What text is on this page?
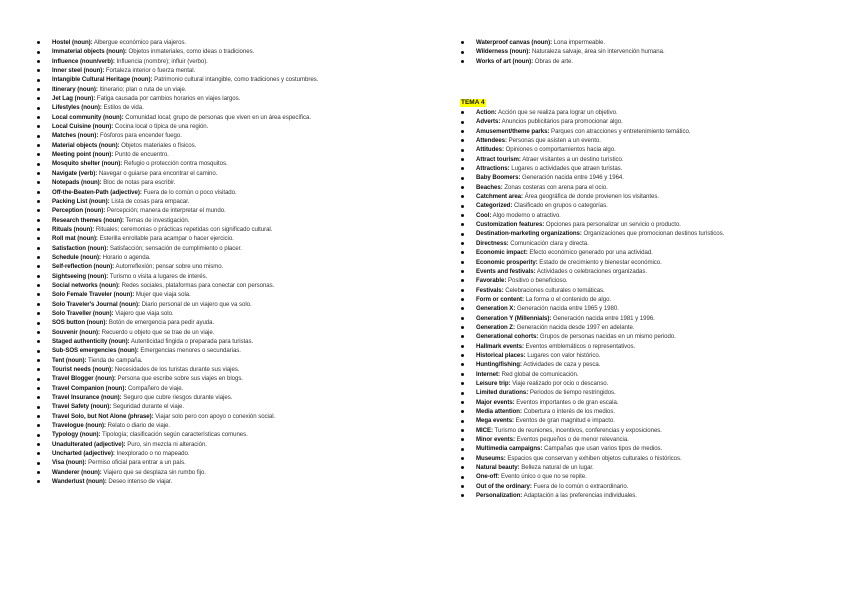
Hostel (noun): Albergue económico para viajeros.
Immaterial objects (noun): Objetos inmateriales, como ideas o tradiciones.
Influence (noun/verb): Influencia (nombre); influir (verbo).
Inner steel (noun): Fortaleza interior o fuerza mental.
Intangible Cultural Heritage (noun): Patrimonio cultural intangible, como tradiciones y costumbres.
Itinerary (noun): Itinerario; plan o ruta de un viaje.
Jet Lag (noun): Fatiga causada por cambios horarios en viajes largos.
Lifestyles (noun): Estilos de vida.
Local community (noun): Comunidad local; grupo de personas que viven en un área específica.
Local Cuisine (noun): Cocina local o típica de una región.
Matches (noun): Fósforos para encender fuego.
Material objects (noun): Objetos materiales o físicos.
Meeting point (noun): Punto de encuentro.
Mosquito shelter (noun): Refugio o protección contra mosquitos.
Navigate (verb): Navegar o guiarse para encontrar el camino.
Notepads (noun): Bloc de notas para escribir.
Off-the-Beaten-Path (adjective): Fuera de lo común o poco visitado.
Packing List (noun): Lista de cosas para empacar.
Perception (noun): Percepción; manera de interpretar el mundo.
Research themes (noun): Temas de investigación.
Rituals (noun): Rituales; ceremonias o prácticas repetidas con significado cultural.
Roll mat (noun): Esterilla enrollable para acampar o hacer ejercicio.
Satisfaction (noun): Satisfacción; sensación de cumplimiento o placer.
Schedule (noun): Horario o agenda.
Self-reflection (noun): Autorreflexión; pensar sobre uno mismo.
Sightseeing (noun): Turismo o visita a lugares de interés.
Social networks (noun): Redes sociales, plataformas para conectar con personas.
Solo Female Traveler (noun): Mujer que viaja sola.
Solo Traveler's Journal (noun): Diario personal de un viajero que va solo.
Solo Traveller (noun): Viajero que viaja solo.
SOS button (noun): Botón de emergencia para pedir ayuda.
Souvenir (noun): Recuerdo u objeto que se trae de un viaje.
Staged authenticity (noun): Autenticidad fingida o preparada para turistas.
Sub-SOS emergencies (noun): Emergencias menores o secundarias.
Tent (noun): Tienda de campaña.
Tourist needs (noun): Necesidades de los turistas durante sus viajes.
Travel Blogger (noun): Persona que escribe sobre sus viajes en blogs.
Travel Companion (noun): Compañero de viaje.
Travel Insurance (noun): Seguro que cubre riesgos durante viajes.
Travel Safety (noun): Seguridad durante el viaje.
Travel Solo, but Not Alone (phrase): Viajar solo pero con apoyo o conexión social.
Travelogue (noun): Relato o diario de viaje.
Typology (noun): Tipología; clasificación según características comunes.
Unadulterated (adjective): Puro, sin mezcla ni alteración.
Uncharted (adjective): Inexplorado o no mapeado.
Visa (noun): Permiso oficial para entrar a un país.
Wanderer (noun): Viajero que se desplaza sin rumbo fijo.
Wanderlust (noun): Deseo intenso de viajar.
Waterproof canvas (noun): Lona impermeable.
Wilderness (noun): Naturaleza salvaje, área sin intervención humana.
Works of art (noun): Obras de arte.
TEMA 4
Action: Acción que se realiza para lograr un objetivo.
Adverts: Anuncios publicitarios para promocionar algo.
Amusement/theme parks: Parques con atracciones y entretenimiento temático.
Attendees: Personas que asisten a un evento.
Attitudes: Opiniones o comportamientos hacia algo.
Attract tourism: Atraer visitantes a un destino turístico.
Attractions: Lugares o actividades que atraen turistas.
Baby Boomers: Generación nacida entre 1946 y 1964.
Beaches: Zonas costeras con arena para el ocio.
Catchment area: Área geográfica de donde provienen los visitantes.
Categorized: Clasificado en grupos o categorías.
Cool: Algo moderno o atractivo.
Customization features: Opciones para personalizar un servicio o producto.
Destination-marketing organizations: Organizaciones que promocionan destinos turísticos.
Directness: Comunicación clara y directa.
Economic impact: Efecto económico generado por una actividad.
Economic prosperity: Estado de crecimiento y bienestar económico.
Events and festivals: Actividades o celebraciones organizadas.
Favorable: Positivo o beneficioso.
Festivals: Celebraciones culturales o temáticas.
Form or content: La forma o el contenido de algo.
Generation X: Generación nacida entre 1965 y 1980.
Generation Y (Millennials): Generación nacida entre 1981 y 1996.
Generation Z: Generación nacida desde 1997 en adelante.
Generational cohorts: Grupos de personas nacidas en un mismo periodo.
Hallmark events: Eventos emblemáticos o representativos.
Historical places: Lugares con valor histórico.
Hunting/fishing: Actividades de caza y pesca.
Internet: Red global de comunicación.
Leisure trip: Viaje realizado por ocio o descanso.
Limited durations: Periodos de tiempo restringidos.
Major events: Eventos importantes o de gran escala.
Media attention: Cobertura o interés de los medios.
Mega events: Eventos de gran magnitud e impacto.
MICE: Turismo de reuniones, incentivos, conferencias y exposiciones.
Minor events: Eventos pequeños o de menor relevancia.
Multimedia campaigns: Campañas que usan varios tipos de medios.
Museums: Espacios que conservan y exhiben objetos culturales o históricos.
Natural beauty: Belleza natural de un lugar.
One-off: Evento único o que no se repite.
Out of the ordinary: Fuera de lo común o extraordinario.
Personalization: Adaptación a las preferencias individuales.
